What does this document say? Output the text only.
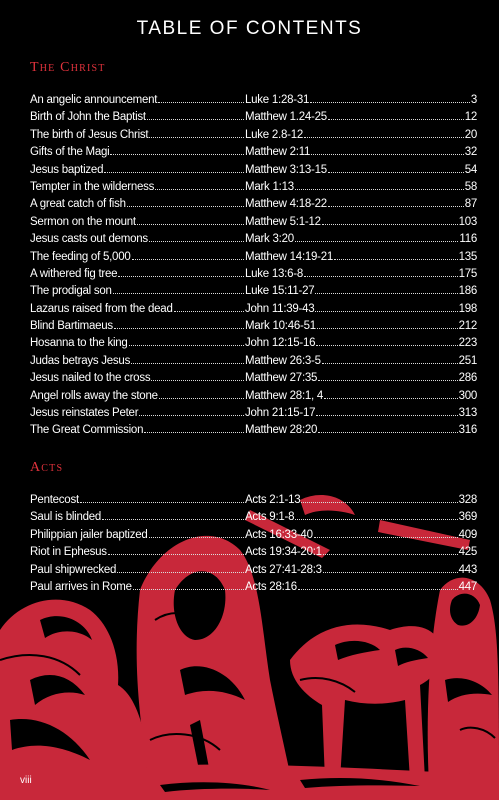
TABLE OF CONTENTS
The Christ
An angelic announcement	Luke 1:28-31	3
Birth of John the Baptist	Matthew 1.24-25	12
The birth of Jesus Christ	Luke 2.8-12	20
Gifts of the Magi	Matthew 2:11	32
Jesus baptized	Matthew 3:13-15	54
Tempter in the wilderness	Mark 1:13	58
A great catch of fish	Matthew 4:18-22	87
Sermon on the mount	Matthew 5:1-12	103
Jesus casts out demons	Mark 3:20	116
The feeding of 5,000	Matthew 14:19-21	135
A withered fig tree	Luke 13:6-8	175
The prodigal son	Luke 15:11-27	186
Lazarus raised from the dead	John 11:39-43	198
Blind Bartimaeus	Mark 10:46-51	212
Hosanna to the king	John 12:15-16	223
Judas betrays Jesus	Matthew 26:3-5	251
Jesus nailed to the cross	Matthew 27:35	286
Angel rolls away the stone	Matthew 28:1, 4	300
Jesus reinstates Peter	John 21:15-17	313
The Great Commission	Matthew 28:20	316
Acts
Pentecost	Acts 2:1-13	328
Saul is blinded	Acts 9:1-8	369
Philippian jailer baptized	Acts 16:33-40	409
Riot in Ephesus	Acts 19:34-20:1	425
Paul shipwrecked	Acts 27:41-28:3	443
Paul arrives in Rome	Acts 28:16	447
viii
